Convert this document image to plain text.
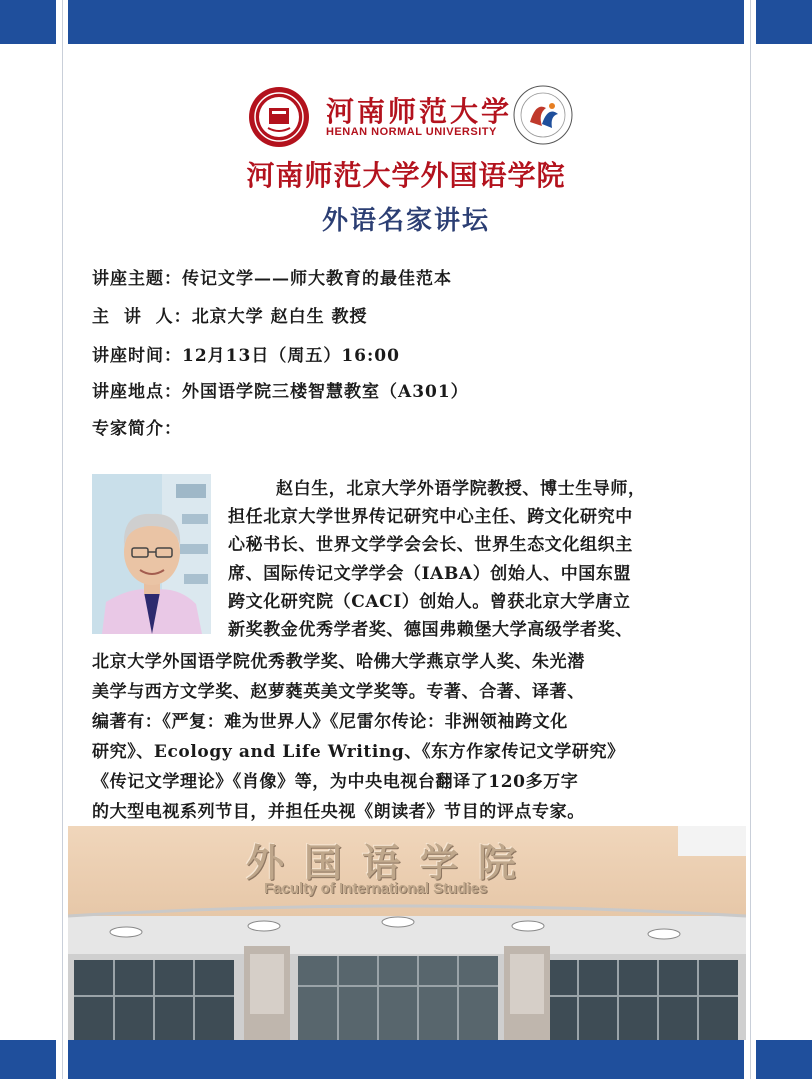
河南师范大学
HENAN NORMAL UNIVERSITY
河南师范大学外国语学院
外语名家讲坛
讲座主题：传记文学——师大教育的最佳范本
主  讲  人：北京大学 赵白生 教授
讲座时间：12月13日（周五）16:00
讲座地点：外国语学院三楼智慧教室（A301）
专家简介：
赵白生，北京大学外语学院教授、博士生导师，
担任北京大学世界传记研究中心主任、跨文化研究中
心秘书长、世界文学学会会长、世界生态文化组织主
席、国际传记文学学会（IABA）创始人、中国东盟
跨文化研究院（CACI）创始人。曾获北京大学唐立
新奖教金优秀学者奖、德国弗赖堡大学高级学者奖、
北京大学外国语学院优秀教学奖、哈佛大学燕京学人奖、朱光潜
美学与西方文学奖、赵萝蕤英美文学奖等。专著、合著、译著、
编著有：《严复：难为世界人》《尼雷尔传论：非洲领袖跨文化
研究》、Ecology and Life Writing、《东方作家传记文学研究》
《传记文学理论》《肖像》等，为中央电视台翻译了120多万字
的大型电视系列节目，并担任央视《朗读者》节目的评点专家。
外国语学院
Faculty of International Studies
